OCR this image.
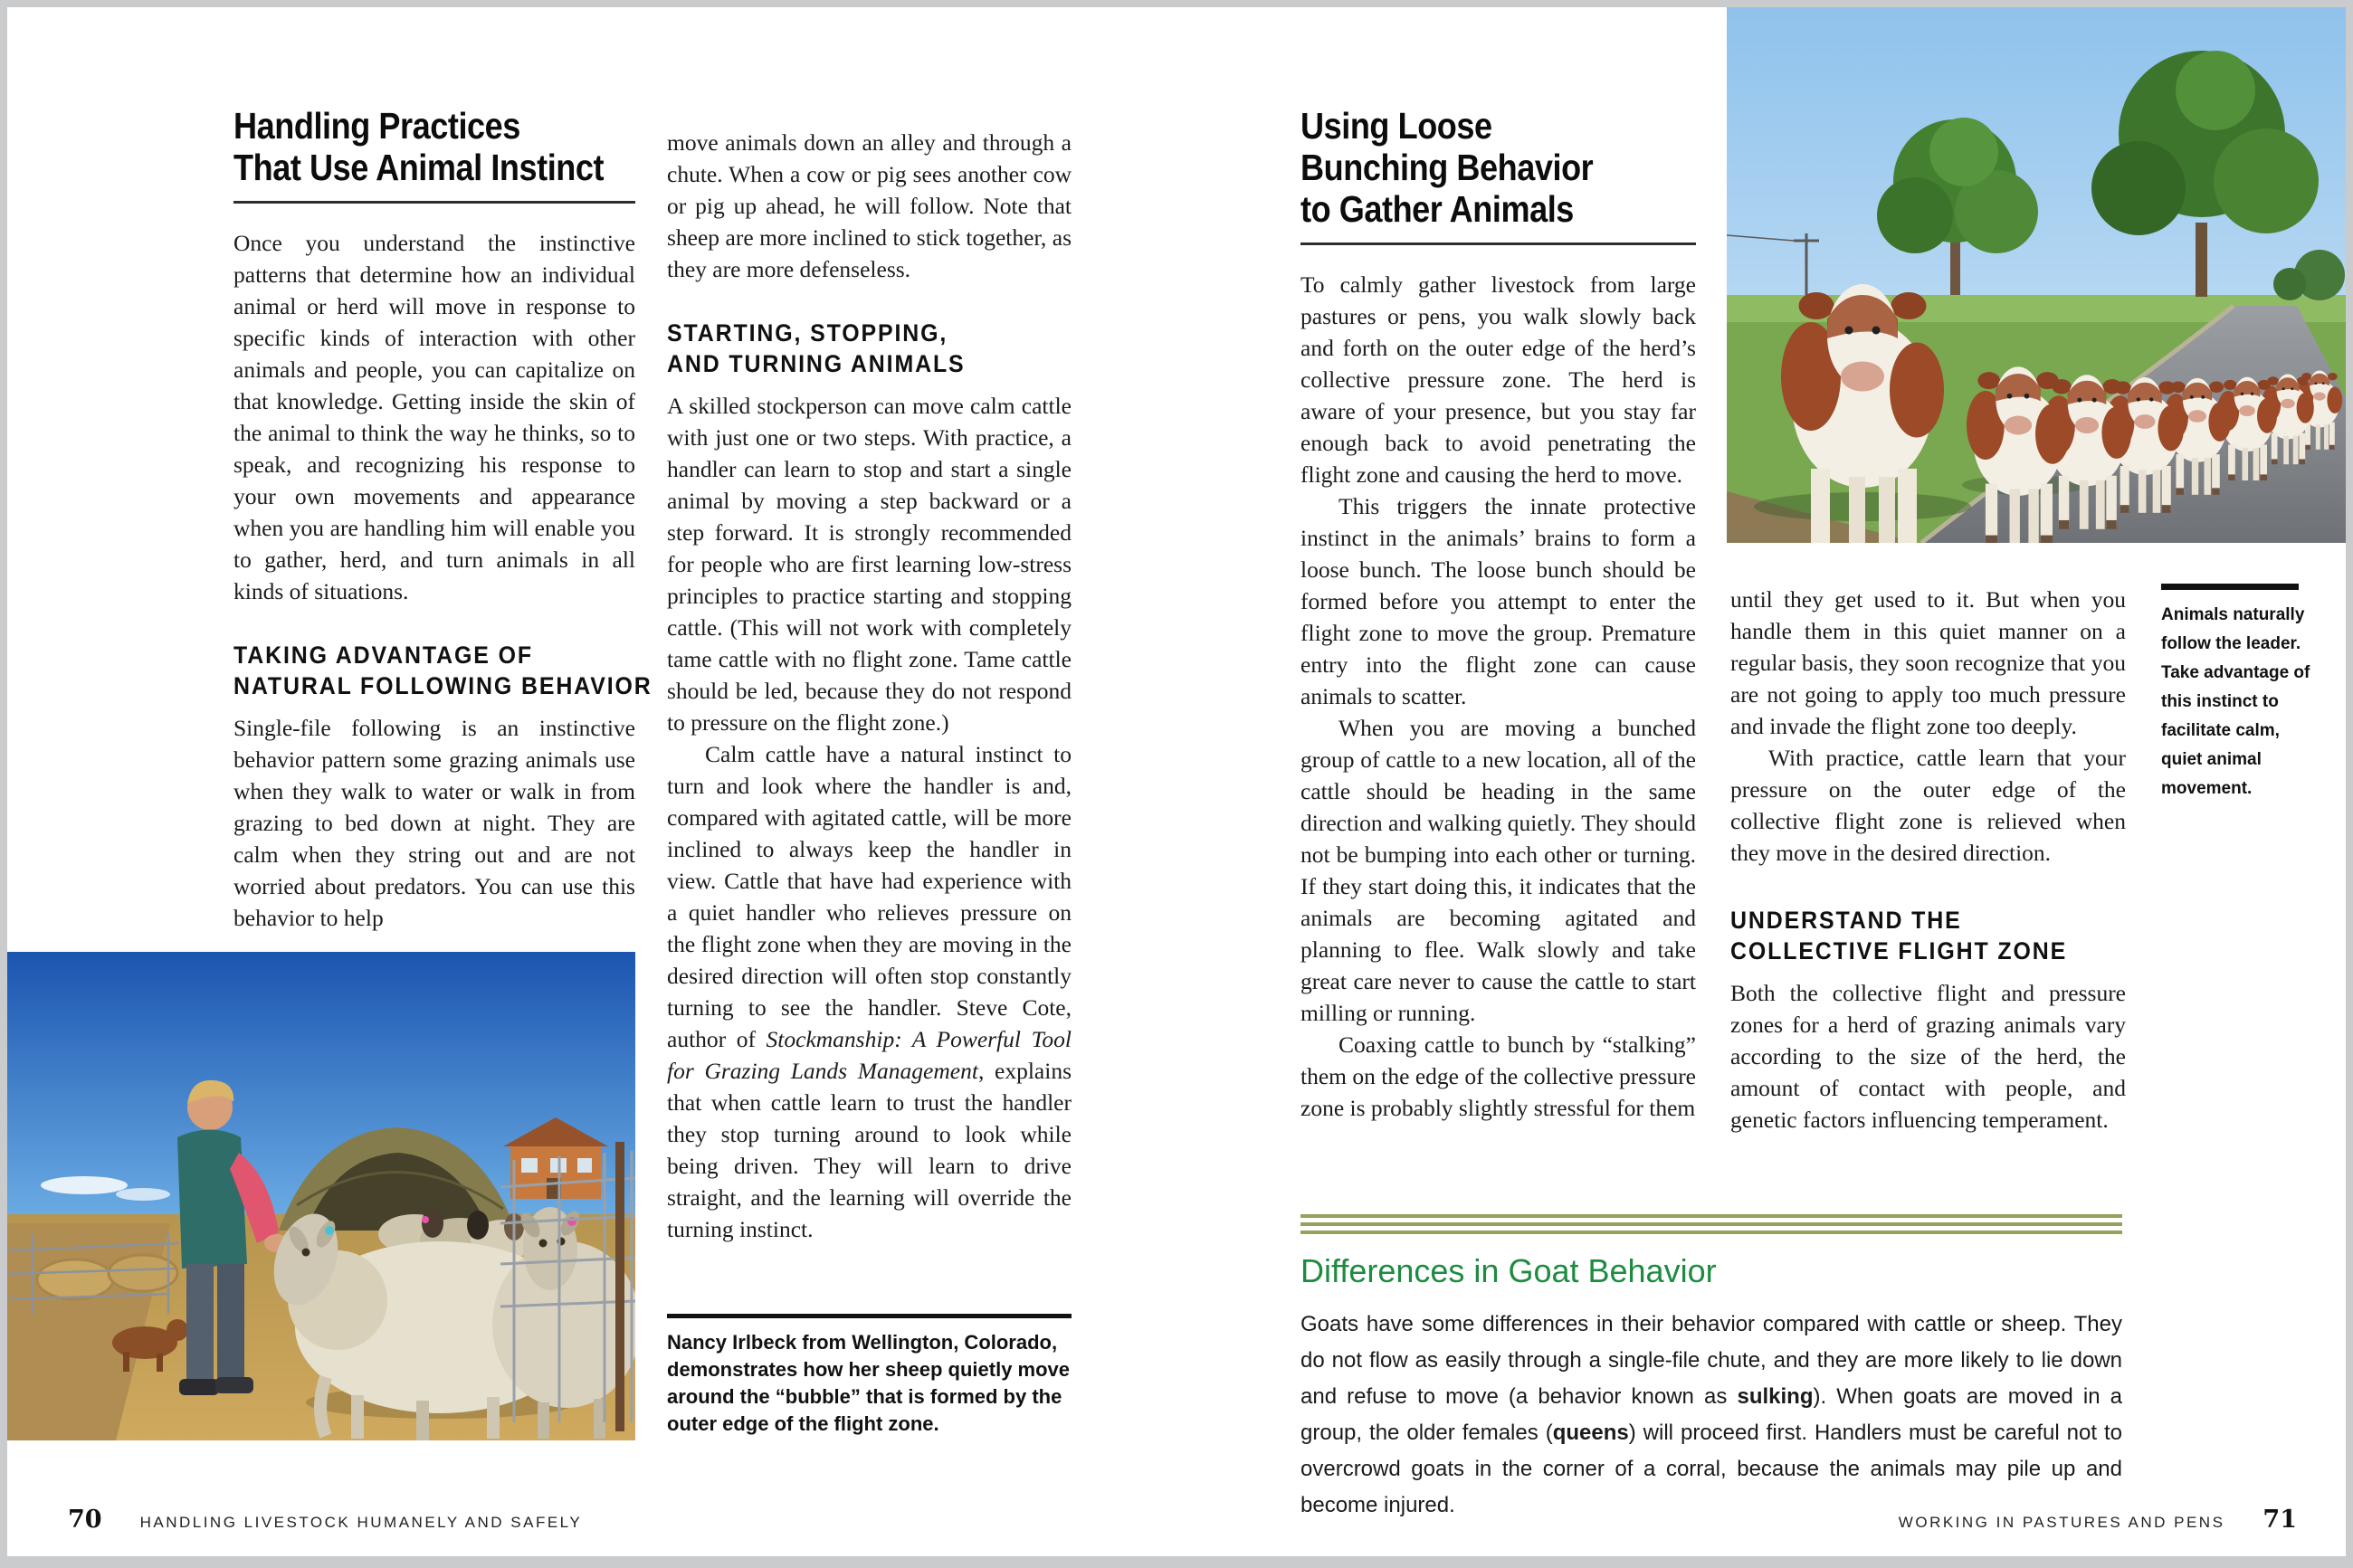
Handling Practices
That Use Animal Instinct
Once you understand the instinctive patterns that determine how an individual animal or herd will move in response to specific kinds of interaction with other animals and people, you can capitalize on that knowledge. Getting inside the skin of the animal to think the way he thinks, so to speak, and recognizing his response to your own movements and appearance when you are handling him will enable you to gather, herd, and turn animals in all kinds of situations.
TAKING ADVANTAGE OF
NATURAL FOLLOWING BEHAVIOR
Single-file following is an instinctive behavior pattern some grazing animals use when they walk to water or walk in from grazing to bed down at night. They are calm when they string out and are not worried about predators. You can use this behavior to help
move animals down an alley and through a chute. When a cow or pig sees another cow or pig up ahead, he will follow. Note that sheep are more inclined to stick together, as they are more defenseless.
STARTING, STOPPING,
AND TURNING ANIMALS
A skilled stockperson can move calm cattle with just one or two steps. With practice, a handler can learn to stop and start a single animal by moving a step backward or a step forward. It is strongly recommended for people who are first learning low-stress principles to practice starting and stopping cattle. (This will not work with completely tame cattle with no flight zone. Tame cattle should be led, because they do not respond to pressure on the flight zone.)
Calm cattle have a natural instinct to turn and look where the handler is and, compared with agitated cattle, will be more inclined to always keep the handler in view. Cattle that have had experience with a quiet handler who relieves pressure on the flight zone when they are moving in the desired direction will often stop constantly turning to see the handler. Steve Cote, author of Stockmanship: A Powerful Tool for Grazing Lands Management, explains that when cattle learn to trust the handler they stop turning around to look while being driven. They will learn to drive straight, and the learning will override the turning instinct.
Nancy Irlbeck from Wellington, Colorado, demonstrates how her sheep quietly move around the “bubble” that is formed by the outer edge of the flight zone.
Using Loose
Bunching Behavior
to Gather Animals
To calmly gather livestock from large pastures or pens, you walk slowly back and forth on the outer edge of the herd’s collective pressure zone. The herd is aware of your presence, but you stay far enough back to avoid penetrating the flight zone and causing the herd to move.
This triggers the innate protective instinct in the animals’ brains to form a loose bunch. The loose bunch should be formed before you attempt to enter the flight zone to move the group. Premature entry into the flight zone can cause animals to scatter.
When you are moving a bunched group of cattle to a new location, all of the cattle should be heading in the same direction and walking quietly. They should not be bumping into each other or turning. If they start doing this, it indicates that the animals are becoming agitated and planning to flee. Walk slowly and take great care never to cause the cattle to start milling or running.
Coaxing cattle to bunch by “stalking” them on the edge of the collective pressure zone is probably slightly stressful for them
until they get used to it. But when you handle them in this quiet manner on a regular basis, they soon recognize that you are not going to apply too much pressure and invade the flight zone too deeply.
With practice, cattle learn that your pressure on the outer edge of the collective flight zone is relieved when they move in the desired direction.
UNDERSTAND THE
COLLECTIVE FLIGHT ZONE
Both the collective flight and pressure zones for a herd of grazing animals vary according to the size of the herd, the amount of contact with people, and genetic factors influencing temperament.
Animals naturally follow the leader. Take advantage of this instinct to facilitate calm, quiet animal movement.
Differences in Goat Behavior
Goats have some differences in their behavior compared with cattle or sheep. They do not flow as easily through a single-file chute, and they are more likely to lie down and refuse to move (a behavior known as sulking). When goats are moved in a group, the older females (queens) will proceed first. Handlers must be careful not to overcrowd goats in the corner of a corral, because the animals may pile up and become injured.
70 HANDLING LIVESTOCK HUMANELY AND SAFELY	WORKING IN PASTURES AND PENS 71
